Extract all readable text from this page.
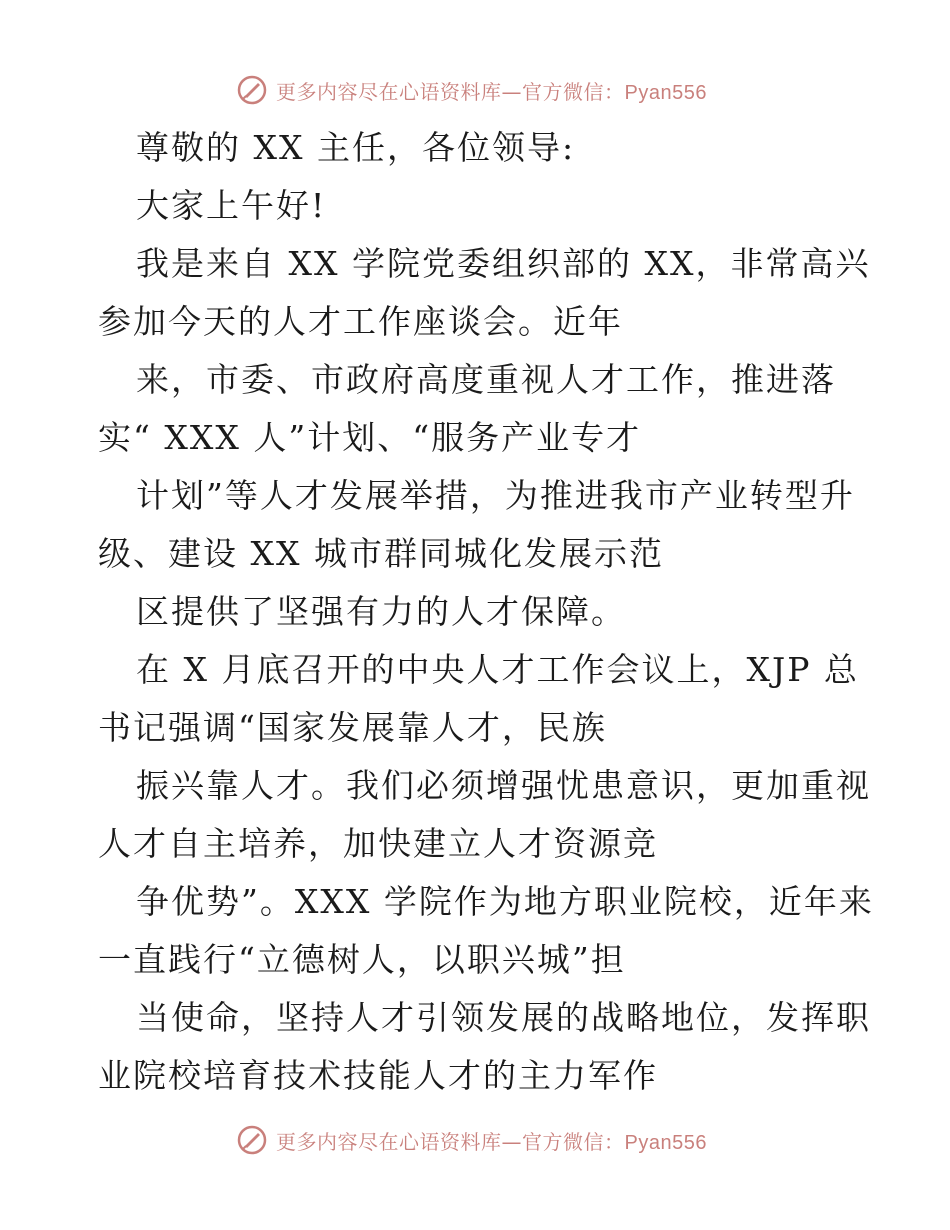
更多内容尽在心语资料库—官方微信：Pyan556
尊敬的 XX 主任，各位领导:
大家上午好!
我是来自 XX 学院党委组织部的 XX，非常高兴
参加今天的人才工作座谈会。近年
来，市委、市政府高度重视人才工作，推进落
实“ XXX 人”计划、“服务产业专才
计划”等人才发展举措，为推进我市产业转型升
级、建设 XX 城市群同城化发展示范
区提供了坚强有力的人才保障。
在 X 月底召开的中央人才工作会议上，XJP 总
书记强调“国家发展靠人才，民族
振兴靠人才。我们必须增强忧患意识，更加重视
人才自主培养，加快建立人才资源竞
争优势”。XXX 学院作为地方职业院校，近年来
一直践行“立德树人，以职兴城”担
当使命，坚持人才引领发展的战略地位，发挥职
业院校培育技术技能人才的主力军作
更多内容尽在心语资料库—官方微信：Pyan556
